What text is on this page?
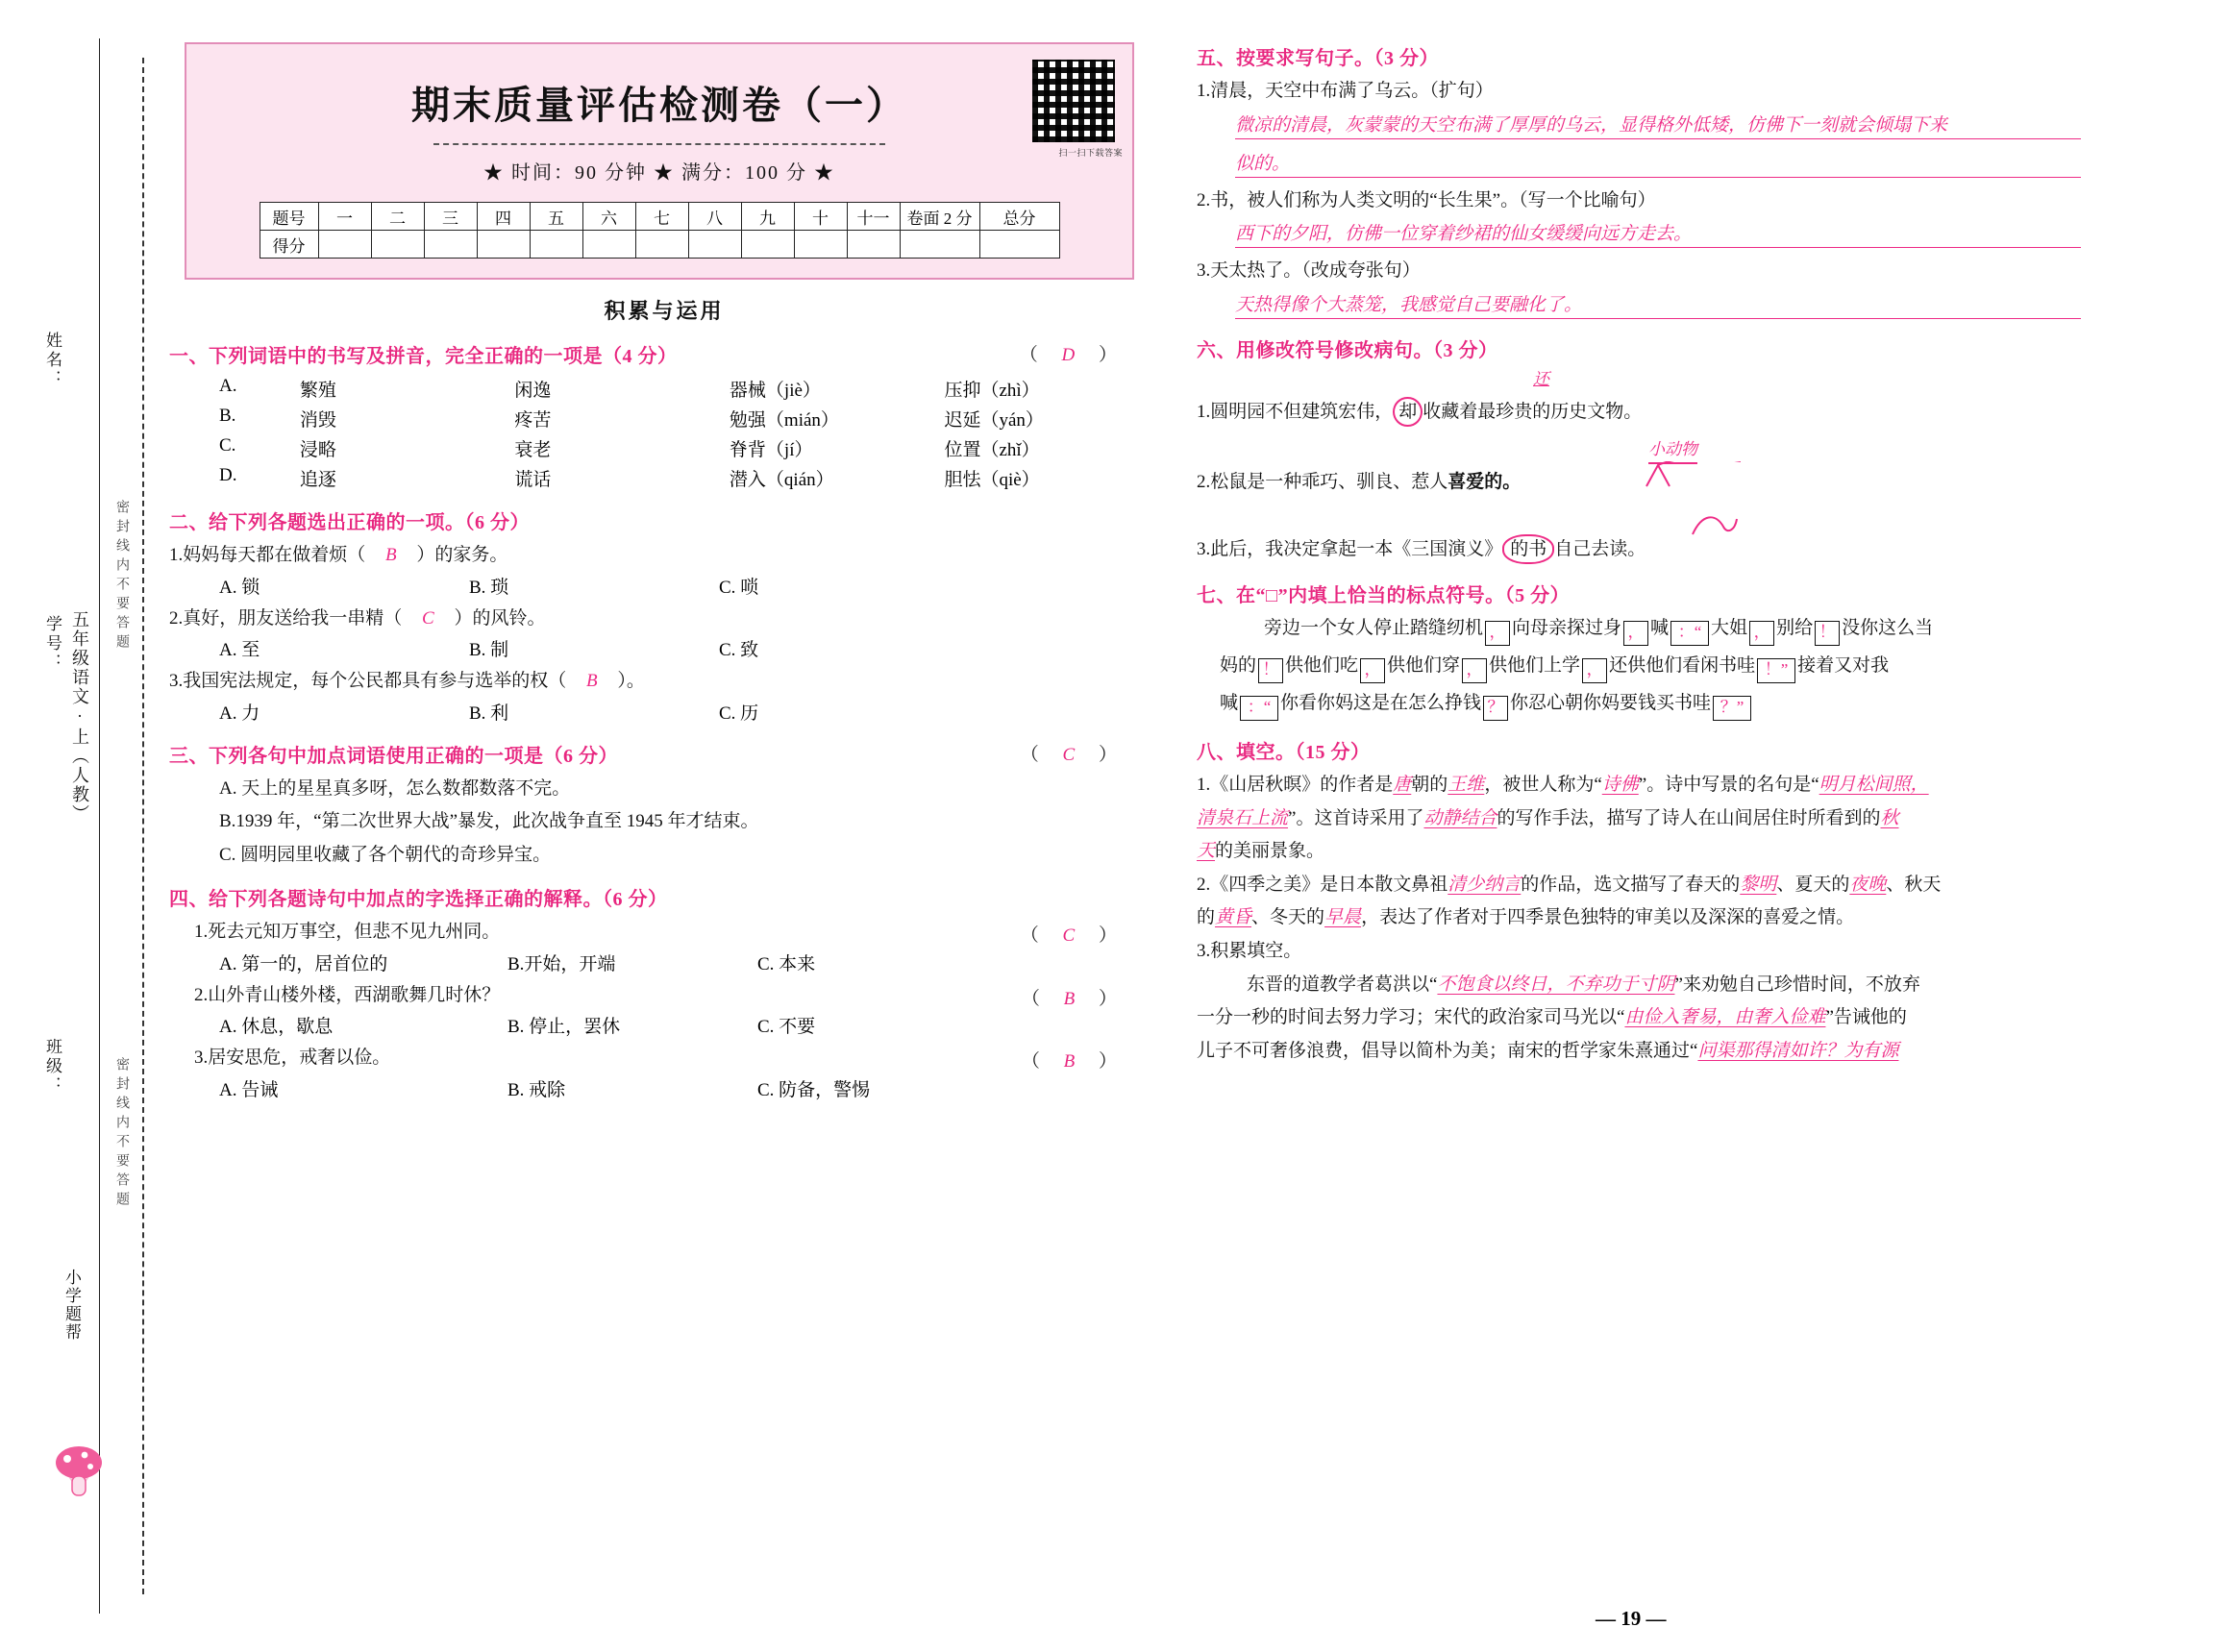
姓名：
学号： 五年级语文·上（人教）
班级：
密封线内不要答题
密封线内不要答题
小学题帮
扫一扫下载答案
期末质量评估检测卷（一）
★ 时间：90 分钟 ★ 满分：100 分 ★
题号	一	二	三	四	五	六	七	八	九	十	十一	卷面 2 分	总分
得分													
积累与运用
一、下列词语中的书写及拼音，完全正确的一项是（4 分）	（ D ）
A.	繁殖	闲逸	器械（jiè）	压抑（zhì）
B.	消毁	疼苦	勉强（mián）	迟延（yán）
C.	浸略	衰老	脊背（jí）	位置（zhǐ）
D.	追逐	谎话	潜入（qián）	胆怯（qiè）
二、给下列各题选出正确的一项。（6 分）
1.妈妈每天都在做着烦（ B ）的家务。
A. 锁	B. 琐	C. 唢
2.真好，朋友送给我一串精（ C ）的风铃。
A. 至	B. 制	C. 致
3.我国宪法规定，每个公民都具有参与选举的权（ B ）。
A. 力	B. 利	C. 历
三、下列各句中加点词语使用正确的一项是（6 分）	（ C ）
A. 天上的星星真多呀，怎么数都数落不完。
B.1939 年，“第二次世界大战”暴发，此次战争直至 1945 年才结束。
C. 圆明园里收藏了各个朝代的奇珍异宝。
四、给下列各题诗句中加点的字选择正确的解释。（6 分）
1.死去元知万事空，但悲不见九州同。	（ C ）
A. 第一的，居首位的	B.开始，开端	C. 本来
2.山外青山楼外楼，西湖歌舞几时休？	（ B ）
A. 休息，歇息	B. 停止，罢休	C. 不要
3.居安思危，戒奢以俭。	（ B ）
A. 告诫	B. 戒除	C. 防备，警惕
五、按要求写句子。（3 分）
1.清晨，天空中布满了乌云。（扩句）
微凉的清晨，灰蒙蒙的天空布满了厚厚的乌云，显得格外低矮，仿佛下一刻就会倾塌下来 似的。
2.书，被人们称为人类文明的“长生果”。（写一个比喻句）
西下的夕阳，仿佛一位穿着纱裙的仙女缓缓向远方走去。
3.天太热了。（改成夸张句）
天热得像个大蒸笼，我感觉自己要融化了。
六、用修改符号修改病句。（3 分）
还
1.圆明园不但建筑宏伟， 却 收藏着最珍贵的历史文物。
小动物
2.松鼠是一种乖巧、驯良、惹人喜爱的。
3.此后，我决定拿起一本《三国演义》 的书 自己去读。
七、在“□”内填上恰当的标点符号。（5 分）
旁边一个女人停止踏缝纫机 ， 向母亲探过身 ， 喊 ：“ 大姐 ， 别给 ！ 没你这么当
妈的 ！ 供他们吃 ， 供他们穿 ， 供他们上学 ， 还供他们看闲书哇 ！” 接着又对我
喊 ：“ 你看你妈这是在怎么挣钱 ？ 你忍心朝你妈要钱买书哇 ？”
八、填空。（15 分）
1.《山居秋暝》的作者是唐朝的王维，被世人称为“诗佛”。诗中写景的名句是“明月松间照，
清泉石上流”。这首诗采用了动静结合的写作手法，描写了诗人在山间居住时所看到的秋
天的美丽景象。
2.《四季之美》是日本散文鼻祖清少纳言的作品，选文描写了春天的黎明、夏天的夜晚、秋天
的黄昏、冬天的早晨，表达了作者对于四季景色独特的审美以及深深的喜爱之情。
3.积累填空。
东晋的道教学者葛洪以“不饱食以终日，不弃功于寸阴”来劝勉自己珍惜时间，不放弃
一分一秒的时间去努力学习；宋代的政治家司马光以“由俭入奢易，由奢入俭难”告诫他的
儿子不可奢侈浪费，倡导以简朴为美；南宋的哲学家朱熹通过“问渠那得清如许？为有源
— 19 —
